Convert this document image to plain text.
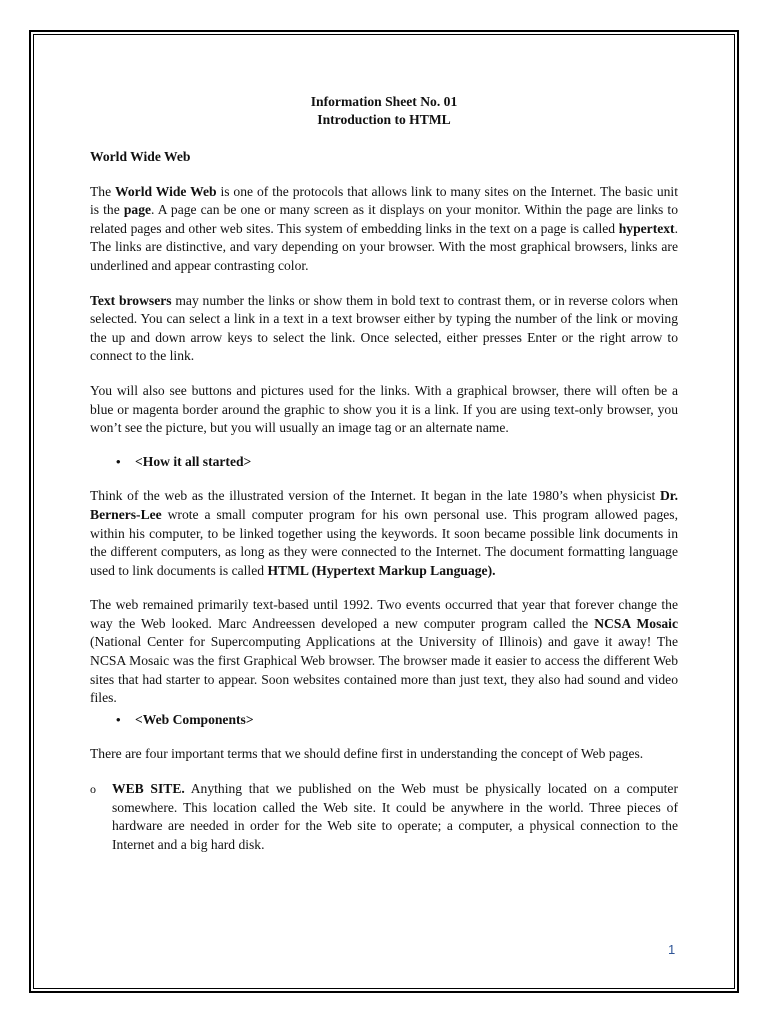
Information Sheet No. 01
Introduction to HTML
World Wide Web

The World Wide Web is one of the protocols that allows link to many sites on the Internet. The basic unit is the page. A page can be one or many screen as it displays on your monitor. Within the page are links to related pages and other web sites. This system of embedding links in the text on a page is called hypertext. The links are distinctive, and vary depending on your browser. With the most graphical browsers, links are underlined and appear contrasting color.

Text browsers may number the links or show them in bold text to contrast them, or in reverse colors when selected. You can select a link in a text in a text browser either by typing the number of the link or moving the up and down arrow keys to select the link. Once selected, either presses Enter or the right arrow to connect to the link.

You will also see buttons and pictures used for the links. With a graphical browser, there will often be a blue or magenta border around the graphic to show you it is a link. If you are using text-only browser, you won’t see the picture, but you will usually an image tag or an alternate name.

•	<How it all started>

Think of the web as the illustrated version of the Internet. It began in the late 1980’s when physicist Dr. Berners-Lee wrote a small computer program for his own personal use. This program allowed pages, within his computer, to be linked together using the keywords. It soon became possible link documents in the different computers, as long as they were connected to the Internet. The document formatting language used to link documents is called HTML (Hypertext Markup Language).

The web remained primarily text-based until 1992. Two events occurred that year that forever change the way the Web looked. Marc Andreessen developed a new computer program called the NCSA Mosaic (National Center for Supercomputing Applications at the University of Illinois) and gave it away! The NCSA Mosaic was the first Graphical Web browser. The browser made it easier to access the different Web sites that had starter to appear. Soon websites contained more than just text, they also had sound and video files.

•	<Web Components>

There are four important terms that we should define first in understanding the concept of Web pages.

o	WEB SITE. Anything that we published on the Web must be physically located on a computer somewhere. This location called the Web site. It could be anywhere in the world. Three pieces of hardware are needed in order for the Web site to operate; a computer, a physical connection to the Internet and a big hard disk.

1
